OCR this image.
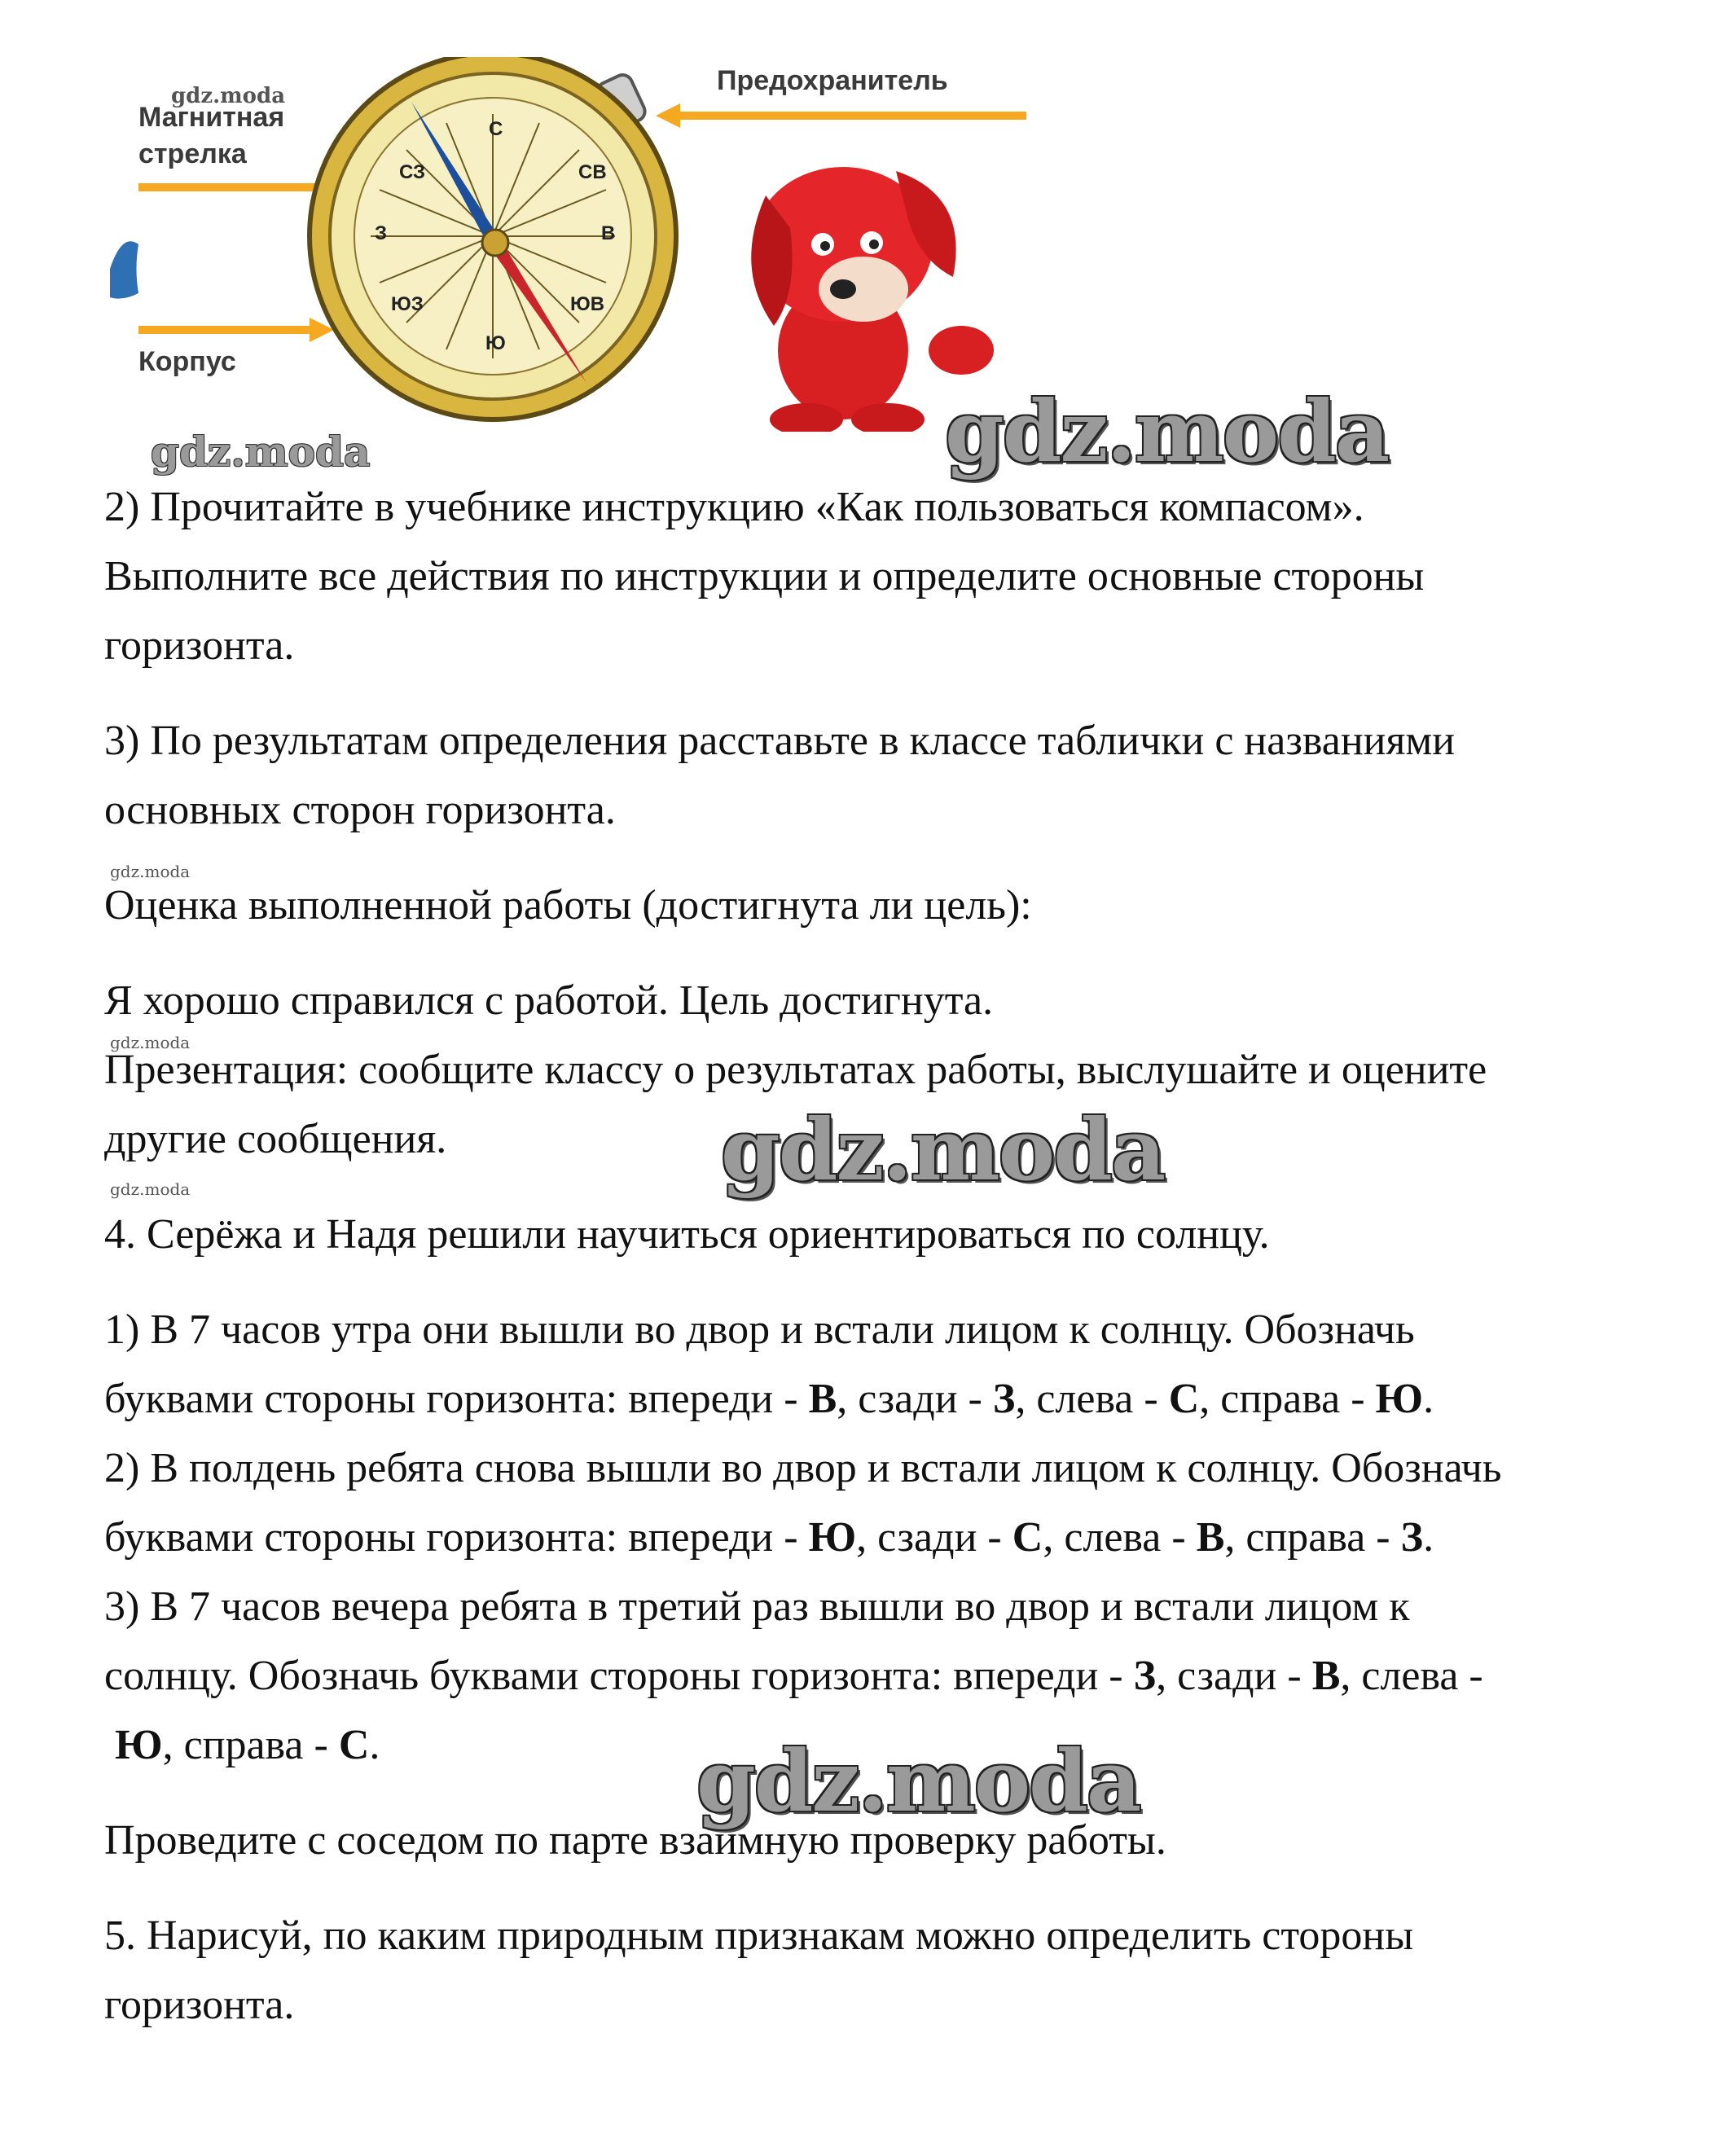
С
СВ
В
ЮВ
Ю
ЮЗ
З
СЗ
Магнитная
стрелка
Корпус
Предохранитель
gdz.moda
gdz.moda	gdz.moda
gdz.moda
gdz.moda
gdz.moda
gdz.moda
gdz.moda

2) Прочитайте в учебнике инструкцию «Как пользоваться компасом».

Выполните все действия по инструкции и определите основные стороны

горизонта.

3) По результатам определения расставьте в классе таблички с названиями

основных сторон горизонта.

Оценка выполненной работы (достигнута ли цель):

Я хорошо справился с работой. Цель достигнута.

Презентация: сообщите классу о результатах работы, выслушайте и оцените

другие сообщения.

4. Серёжа и Надя решили научиться ориентироваться по солнцу.

1) В 7 часов утра они вышли во двор и встали лицом к солнцу. Обозначь

буквами стороны горизонта: впереди - В, сзади - З, слева - С, справа - Ю.

2) В полдень ребята снова вышли во двор и встали лицом к солнцу. Обозначь

буквами стороны горизонта: впереди - Ю, сзади - С, слева - В, справа - З.

3) В 7 часов вечера ребята в третий раз вышли во двор и встали лицом к

солнцу. Обозначь буквами стороны горизонта: впереди - З, сзади - В, слева -

Ю, справа - С.

Проведите с соседом по парте взаимную проверку работы.

5. Нарисуй, по каким природным признакам можно определить стороны

горизонта.
